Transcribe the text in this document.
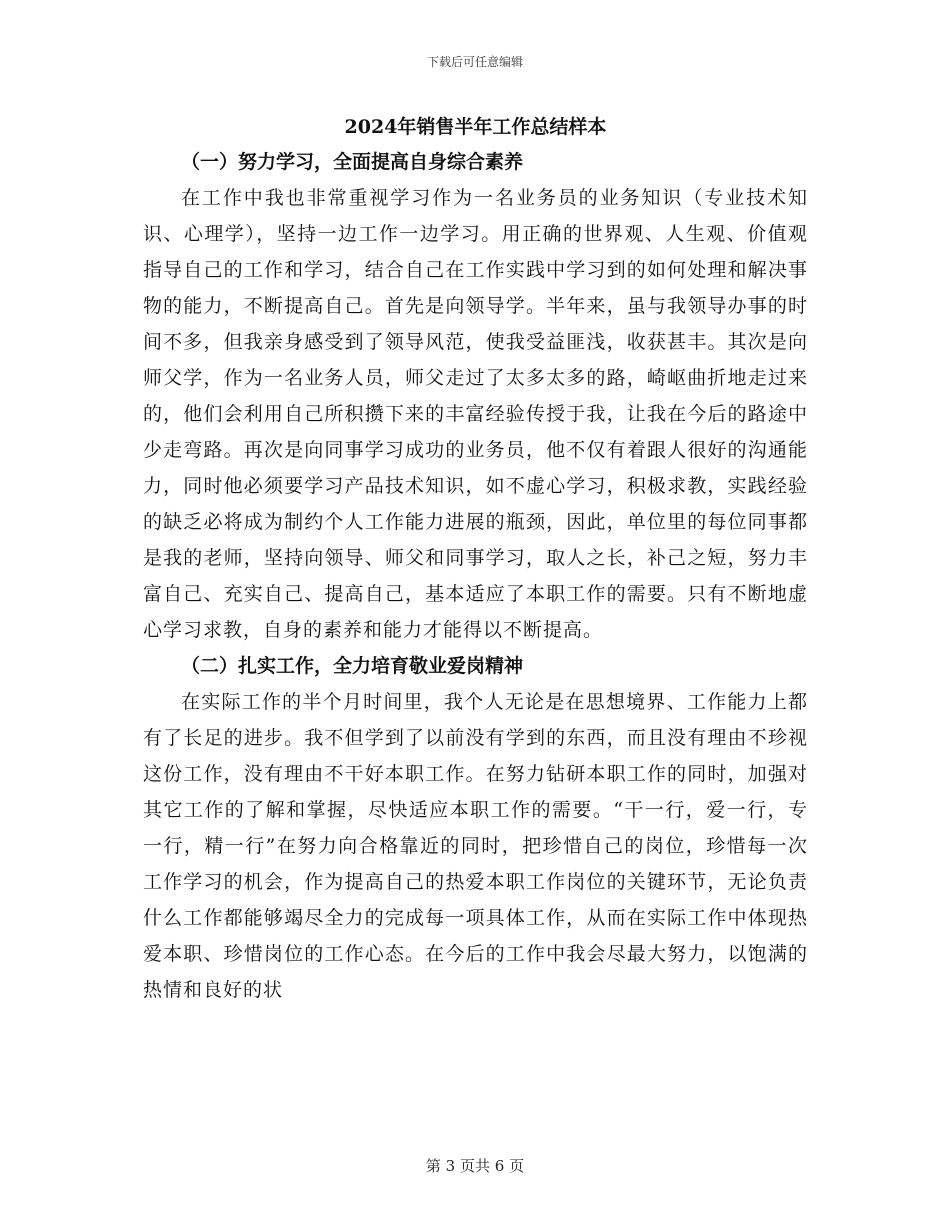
下载后可任意编辑
2024年销售半年工作总结样本
（一）努力学习，全面提高自身综合素养

在工作中我也非常重视学习作为一名业务员的业务知识（专业技术知识、心理学），坚持一边工作一边学习。用正确的世界观、人生观、价值观指导自己的工作和学习，结合自己在工作实践中学习到的如何处理和解决事物的能力，不断提高自己。首先是向领导学。半年来，虽与我领导办事的时间不多，但我亲身感受到了领导风范，使我受益匪浅，收获甚丰。其次是向师父学，作为一名业务人员，师父走过了太多太多的路，崎岖曲折地走过来的，他们会利用自己所积攒下来的丰富经验传授于我，让我在今后的路途中少走弯路。再次是向同事学习成功的业务员，他不仅有着跟人很好的沟通能力，同时他必须要学习产品技术知识，如不虚心学习，积极求教，实践经验的缺乏必将成为制约个人工作能力进展的瓶颈，因此，单位里的每位同事都是我的老师，坚持向领导、师父和同事学习，取人之长，补己之短，努力丰富自己、充实自己、提高自己，基本适应了本职工作的需要。只有不断地虚心学习求教，自身的素养和能力才能得以不断提高。

（二）扎实工作，全力培育敬业爱岗精神

在实际工作的半个月时间里，我个人无论是在思想境界、工作能力上都有了长足的进步。我不但学到了以前没有学到的东西，而且没有理由不珍视这份工作，没有理由不干好本职工作。在努力钻研本职工作的同时，加强对其它工作的了解和掌握，尽快适应本职工作的需要。“干一行，爱一行，专一行，精一行”在努力向合格靠近的同时，把珍惜自己的岗位，珍惜每一次工作学习的机会，作为提高自己的热爱本职工作岗位的关键环节，无论负责什么工作都能够竭尽全力的完成每一项具体工作，从而在实际工作中体现热爱本职、珍惜岗位的工作心态。在今后的工作中我会尽最大努力，以饱满的热情和良好的状

第 3 页共 6 页
